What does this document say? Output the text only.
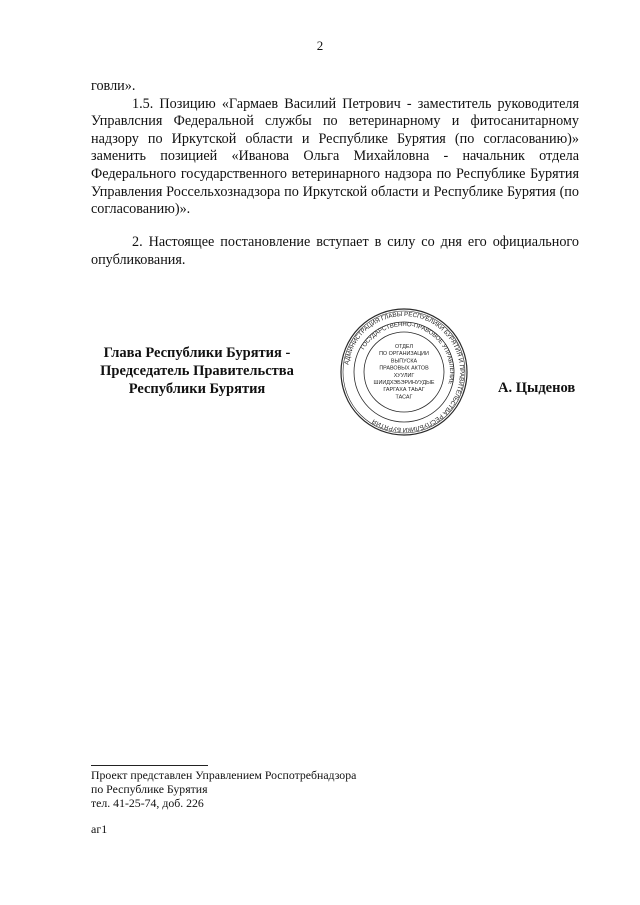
2

говли».

1.5. Позицию «Гармаев Василий Петрович - заместитель руководителя Управлсния Федеральной службы по ветеринарному и фитосанитарному надзору по Иркутской области и Республике Бурятия (по согласованию)» заменить позицией «Иванова Ольга Михайловна - начальник отдела Федерального государственного ветеринарного надзора по Республике Бурятия Управления Россельхознадзора по Иркутской области и Республике Бурятия (по согласованию)».

2. Настоящее постановление вступает в силу со дня его официального опубликования.

Глава Республики Бурятия -
Председатель Правительства
Республики Бурятия
АДМИНИСТРАЦИЯ ГЛАВЫ РЕСПУБЛИКИ БУРЯТИЯ И ПРАВИТЕЛЬСТВА РЕСПУБЛИКИ БУРЯТИЯ
ГОСУДАРСТВЕННО-ПРАВОВОЕ УПРАВЛЕНИЕ
ОТДЕЛ
ПО ОРГАНИЗАЦИИ
ВЫПУСКА
ПРАВОВЫХ АКТОВ
ХУУЛИГ
ШИИДХЭБЭРИНУУДЫЕ
ГАРГАХА ТАЬАГ
ТАСАГ
А. Цыденов
Проект представлен Управлением Роспотребнадзора
по Республике Бурятия
тел. 41-25-74, доб. 226
аг1
